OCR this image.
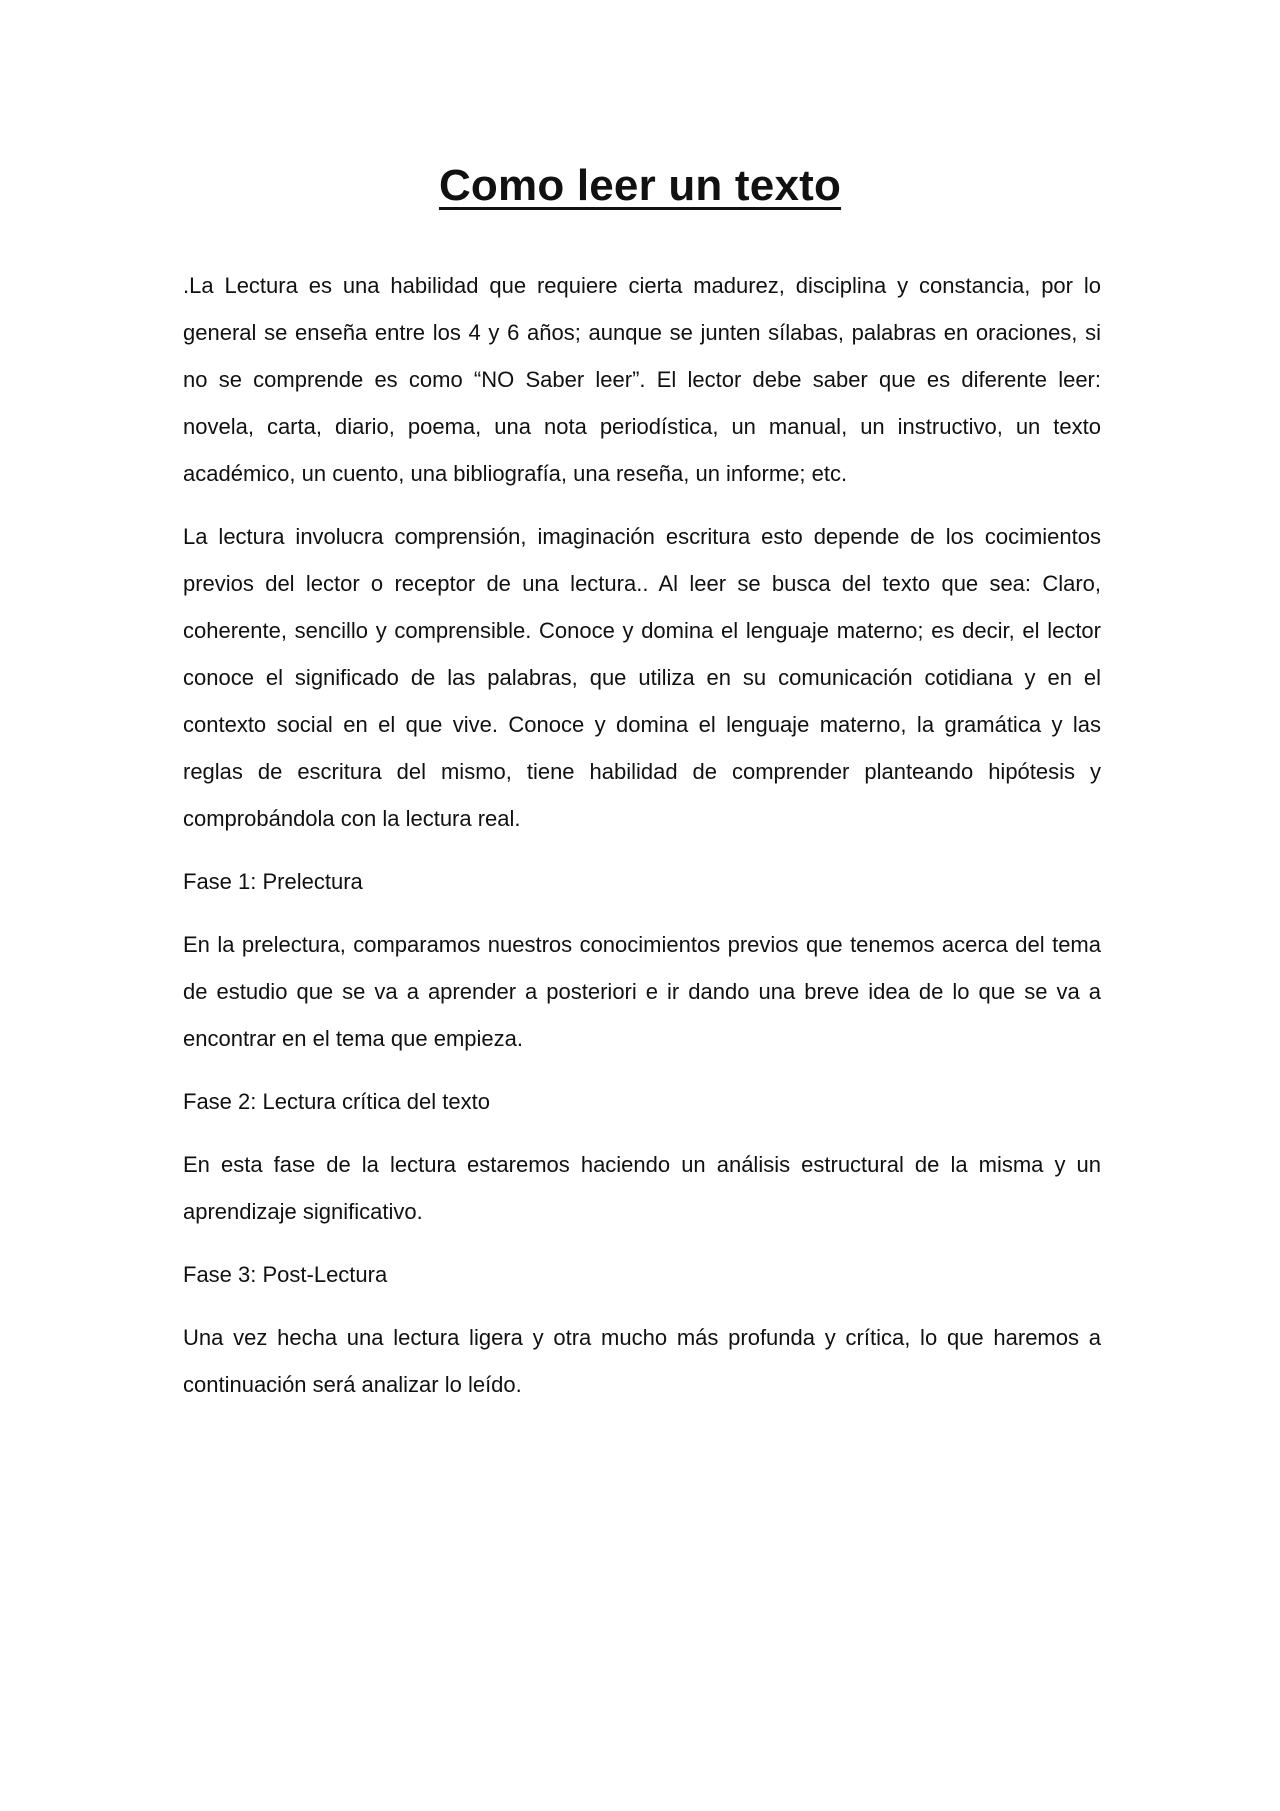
Como leer un texto

.La Lectura es una habilidad que requiere cierta madurez, disciplina y constancia, por lo general se enseña entre los 4 y 6 años; aunque se junten sílabas, palabras en oraciones, si no se comprende es como “NO Saber leer”. El lector debe saber que es diferente leer: novela, carta, diario, poema, una nota periodística, un manual, un instructivo, un texto académico, un cuento, una bibliografía, una reseña, un informe; etc.

La lectura involucra comprensión, imaginación escritura esto depende de los cocimientos previos del lector o receptor de una lectura.. Al leer se busca del texto que sea: Claro, coherente, sencillo y comprensible. Conoce y domina el lenguaje materno; es decir, el lector conoce el significado de las palabras, que utiliza en su comunicación cotidiana y en el contexto social en el que vive. Conoce y domina el lenguaje materno, la gramática y las reglas de escritura del mismo, tiene habilidad de comprender planteando hipótesis y comprobándola con la lectura real.

Fase 1: Prelectura

En la prelectura, comparamos nuestros conocimientos previos que tenemos acerca del tema de estudio que se va a aprender a posteriori e ir dando una breve idea de lo que se va a encontrar en el tema que empieza.

Fase 2: Lectura crítica del texto

En esta fase de la lectura estaremos haciendo un análisis estructural de la misma y un aprendizaje significativo.

Fase 3: Post-Lectura

Una vez hecha una lectura ligera y otra mucho más profunda y crítica, lo que haremos a continuación será analizar lo leído.
